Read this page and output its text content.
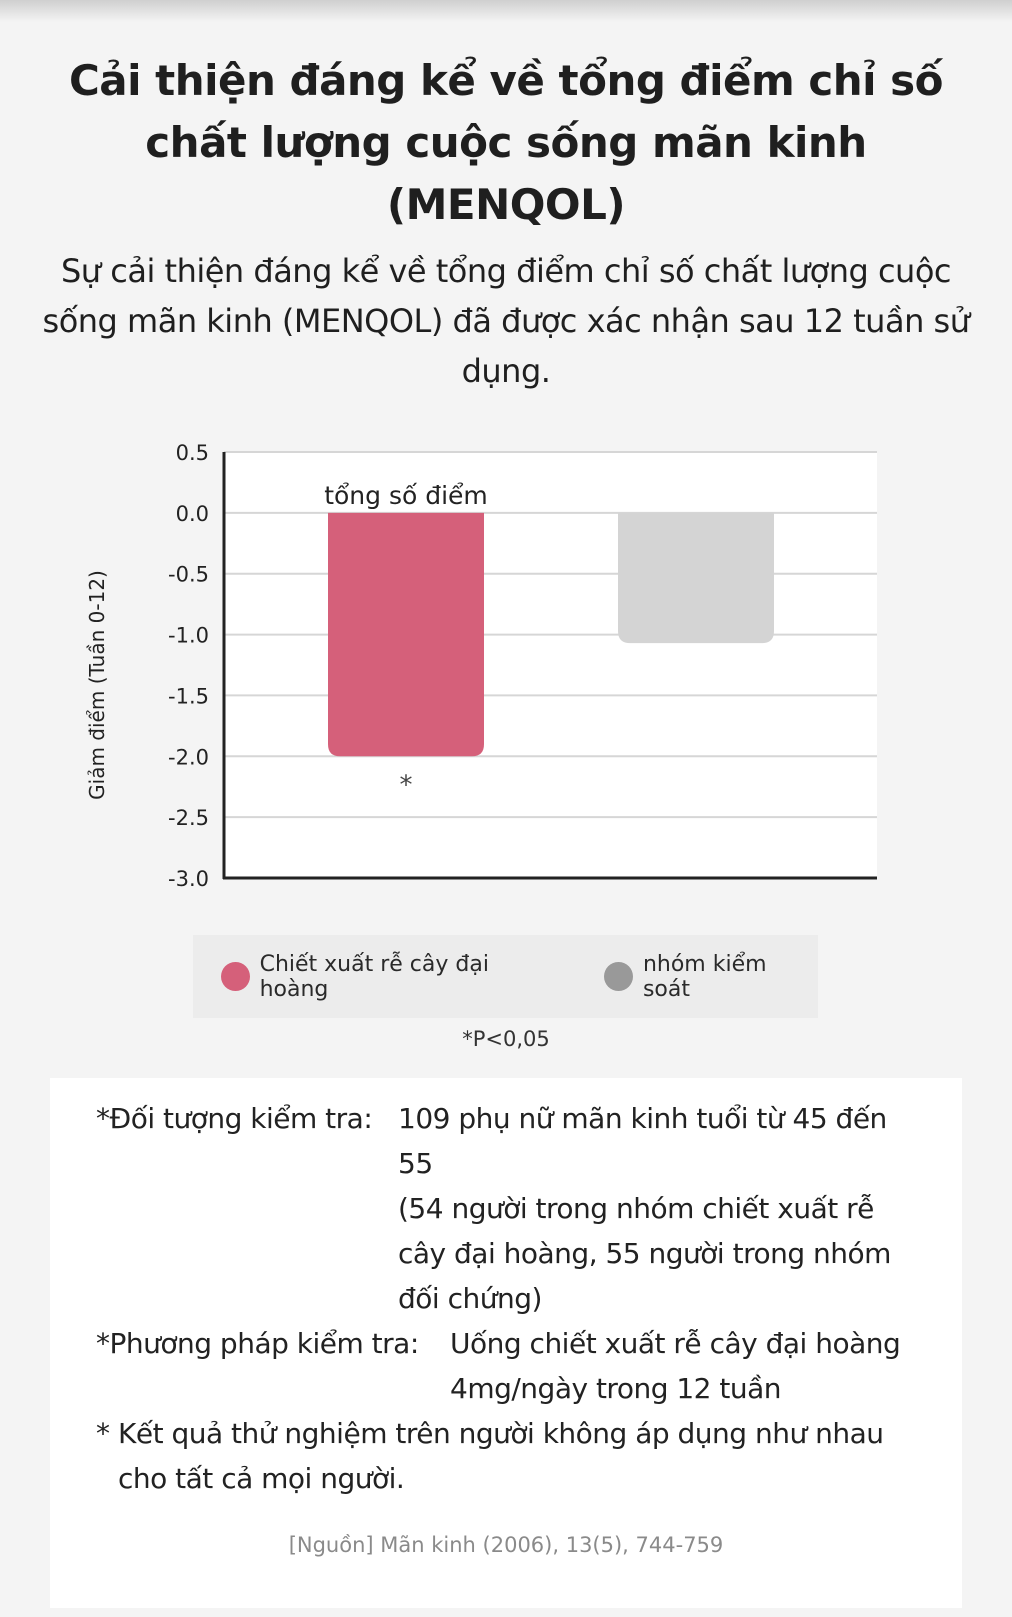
Cải thiện đáng kể về tổng điểm chỉ số chất lượng cuộc sống mãn kinh (MENQOL)

Sự cải thiện đáng kể về tổng điểm chỉ số chất lượng cuộc sống mãn kinh (MENQOL) đã được xác nhận sau 12 tuần sử dụng.

0.5
0.0
-0.5
-1.0
-1.5
-2.0
-2.5
-3.0
Giảm điểm (Tuần 0-12)
tổng số điểm
*
Chiết xuất rễ cây đại hoàng
nhóm kiểm soát
*P<0,05
*Đối tượng kiểm tra: 109 phụ nữ mãn kinh tuổi từ 45 đến
55
(54 người trong nhóm chiết xuất rễ
cây đại hoàng, 55 người trong nhóm
đối chứng)
*Phương pháp kiểm tra: Uống chiết xuất rễ cây đại hoàng
4mg/ngày trong 12 tuần
* Kết quả thử nghiệm trên người không áp dụng như nhau
cho tất cả mọi người.
[Nguồn] Mãn kinh (2006), 13(5), 744-759
